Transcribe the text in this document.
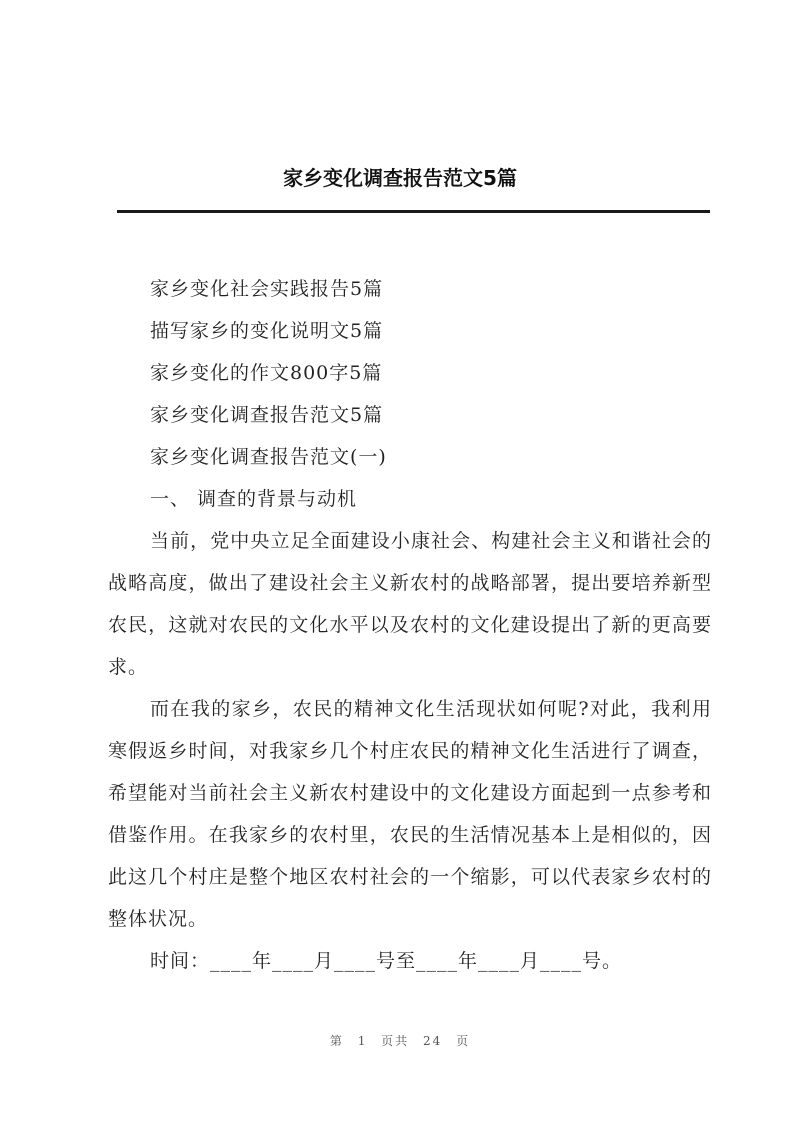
家乡变化调查报告范文5篇
家乡变化社会实践报告5篇
描写家乡的变化说明文5篇
家乡变化的作文800字5篇
家乡变化调查报告范文5篇
家乡变化调查报告范文(一)
一、 调查的背景与动机

当前，党中央立足全面建设小康社会、构建社会主义和谐社会的战略高度，做出了建设社会主义新农村的战略部署，提出要培养新型农民，这就对农民的文化水平以及农村的文化建设提出了新的更高要求。

而在我的家乡，农民的精神文化生活现状如何呢?对此，我利用寒假返乡时间，对我家乡几个村庄农民的精神文化生活进行了调查，希望能对当前社会主义新农村建设中的文化建设方面起到一点参考和借鉴作用。在我家乡的农村里，农民的生活情况基本上是相似的，因此这几个村庄是整个地区农村社会的一个缩影，可以代表家乡农村的整体状况。

时间：____年____月____号至____年____月____号。

第 1 页共 24 页
